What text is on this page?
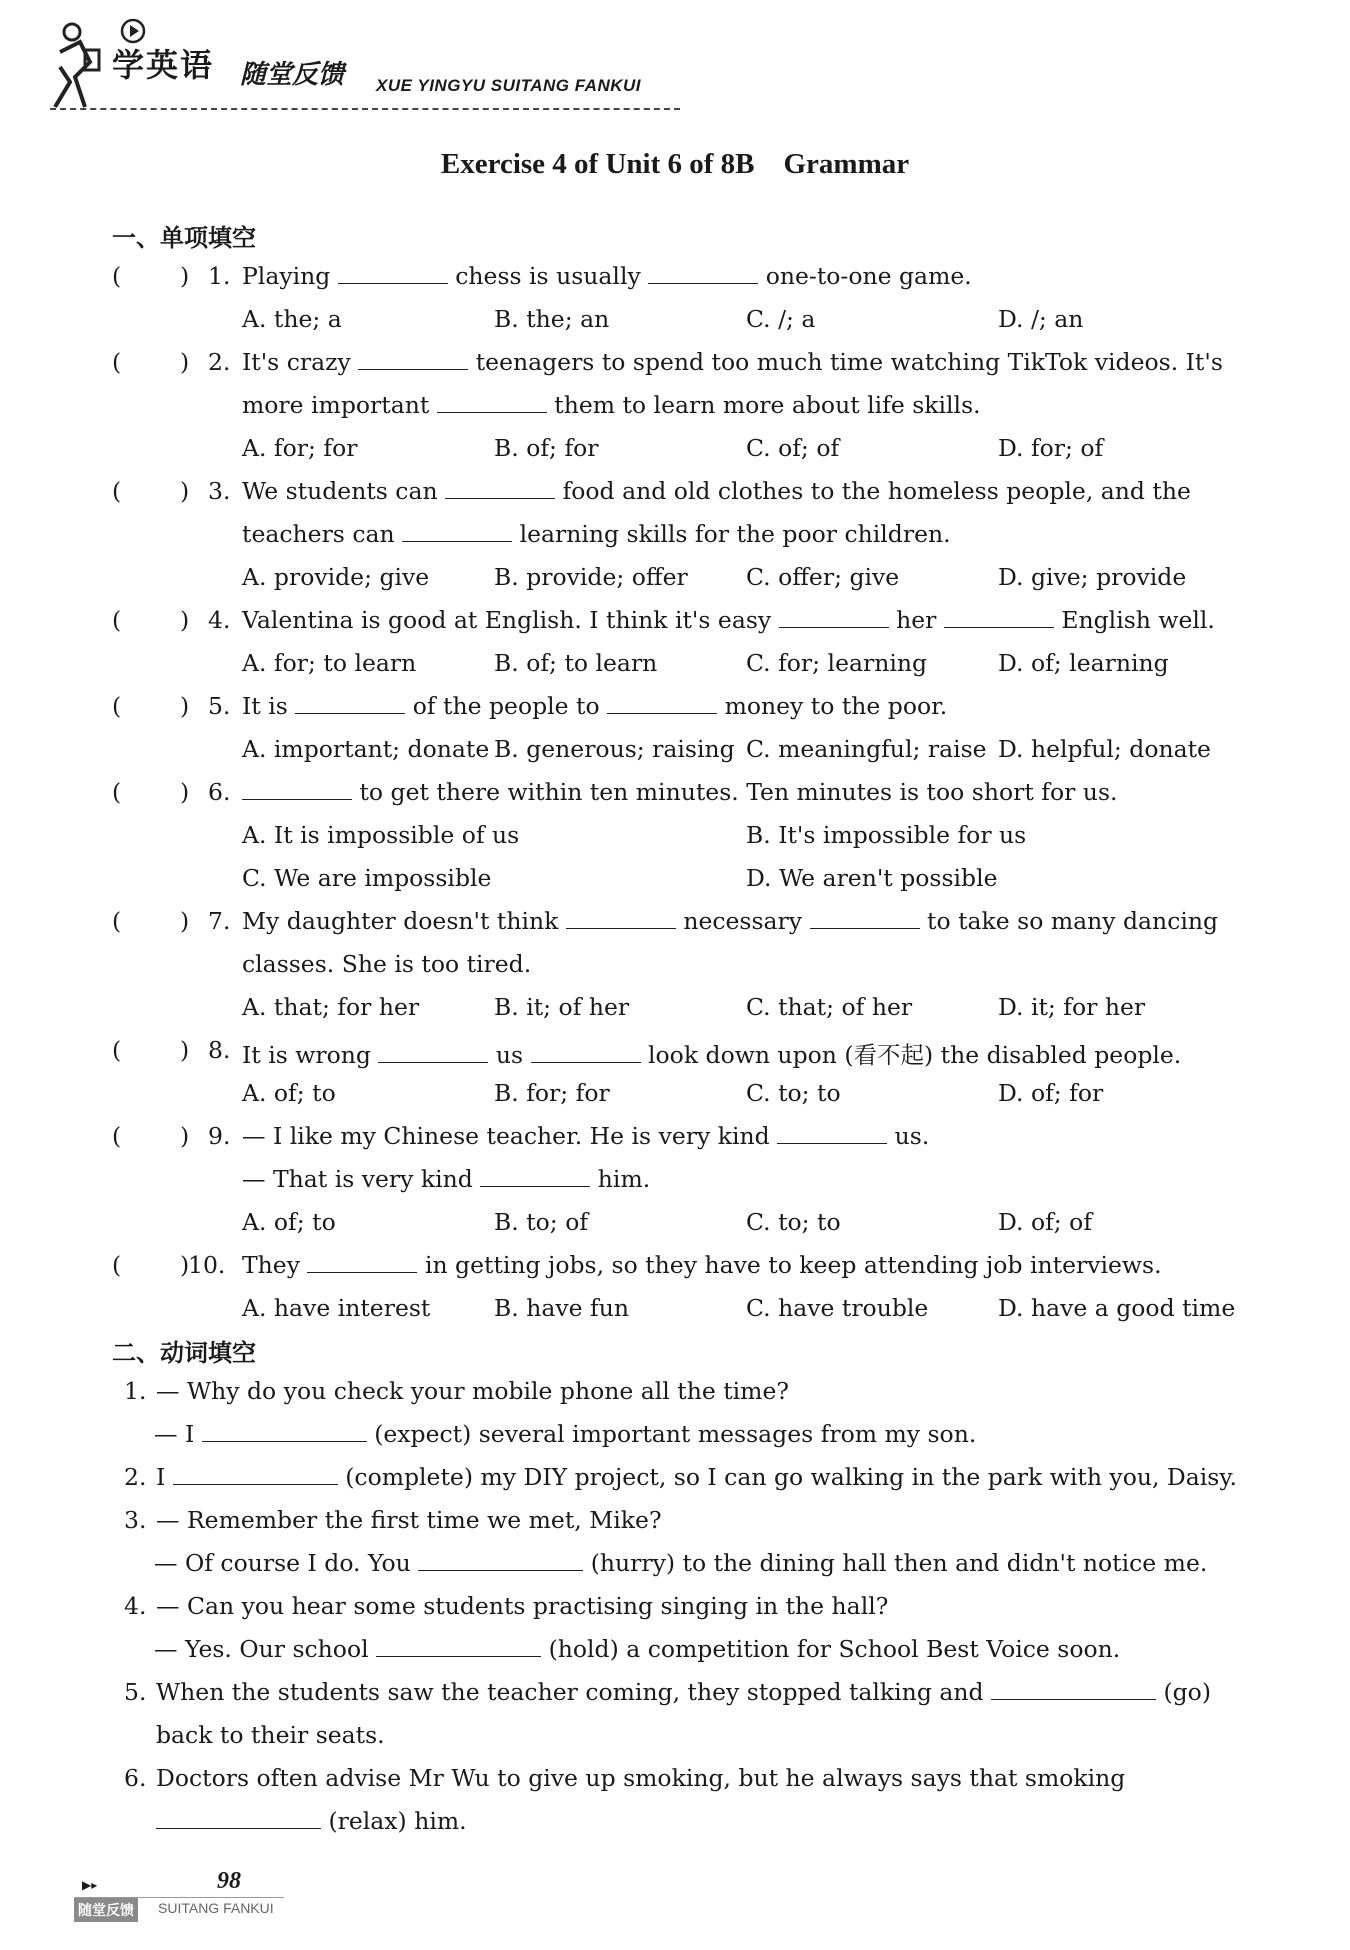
学英语 随堂反馈 XUE YINGYU SUITANG FANKUI
Exercise 4 of Unit 6 of 8B Grammar
一、单项填空
(	) 1. Playing	chess is usually	one-to-one game.
A. the; a	B. the; an	C. /; a	D. /; an
(	) 2. It's crazy	teenagers to spend too much time watching TikTok videos. It's
more important	them to learn more about life skills.
A. for; for	B. of; for	C. of; of	D. for; of
(	) 3. We students can	food and old clothes to the homeless people, and the
teachers can	learning skills for the poor children.
A. provide; give	B. provide; offer C. offer; give	D. give; provide
(	) 4. Valentina is good at English. I think it's easy	her	English well.
A. for; to learn	B. of; to learn	C. for; learning	D. of; learning
(	) 5. It is	of the people to	money to the poor.
A. important; donate B. generous; raising C. meaningful; raise D. helpful; donate
(	) 6.	to get there within ten minutes. Ten minutes is too short for us.
A. It is impossible of us	B. It's impossible for us
C. We are impossible	D. We aren't possible
(	) 7. My daughter doesn't think	necessary	to take so many dancing
classes. She is too tired.
A. that; for her	B. it; of her	C. that; of her	D. it; for her
(	) 8. It is wrong	us	look down upon (看不起) the disabled people.
A. of; to	B. for; for	C. to; to	D. of; for
(	) 9. — I like my Chinese teacher. He is very kind	us.
— That is very kind	him.
A. of; to	B. to; of	C. to; to	D. of; of
(	)
10. They	in getting jobs, so they have to keep attending job interviews.
A. have interest	B. have fun	C. have trouble	D. have a good time
二、动词填空
1. — Why do you check your mobile phone all the time?
— I	(expect) several important messages from my son.
2. I	(complete) my DIY project, so I can go walking in the park with you, Daisy.
3. — Remember the first time we met, Mike?
— Of course I do. You	(hurry) to the dining hall then and didn't notice me.
4. — Can you hear some students practising singing in the hall?
— Yes. Our school	(hold) a competition for School Best Voice soon.
5. When the students saw the teacher coming, they stopped talking and	(go)
back to their seats.
6. Doctors often advise Mr Wu to give up smoking, but he always says that smoking
(relax) him.
▶▸	98
随堂反馈 SUITANG FANKUI
